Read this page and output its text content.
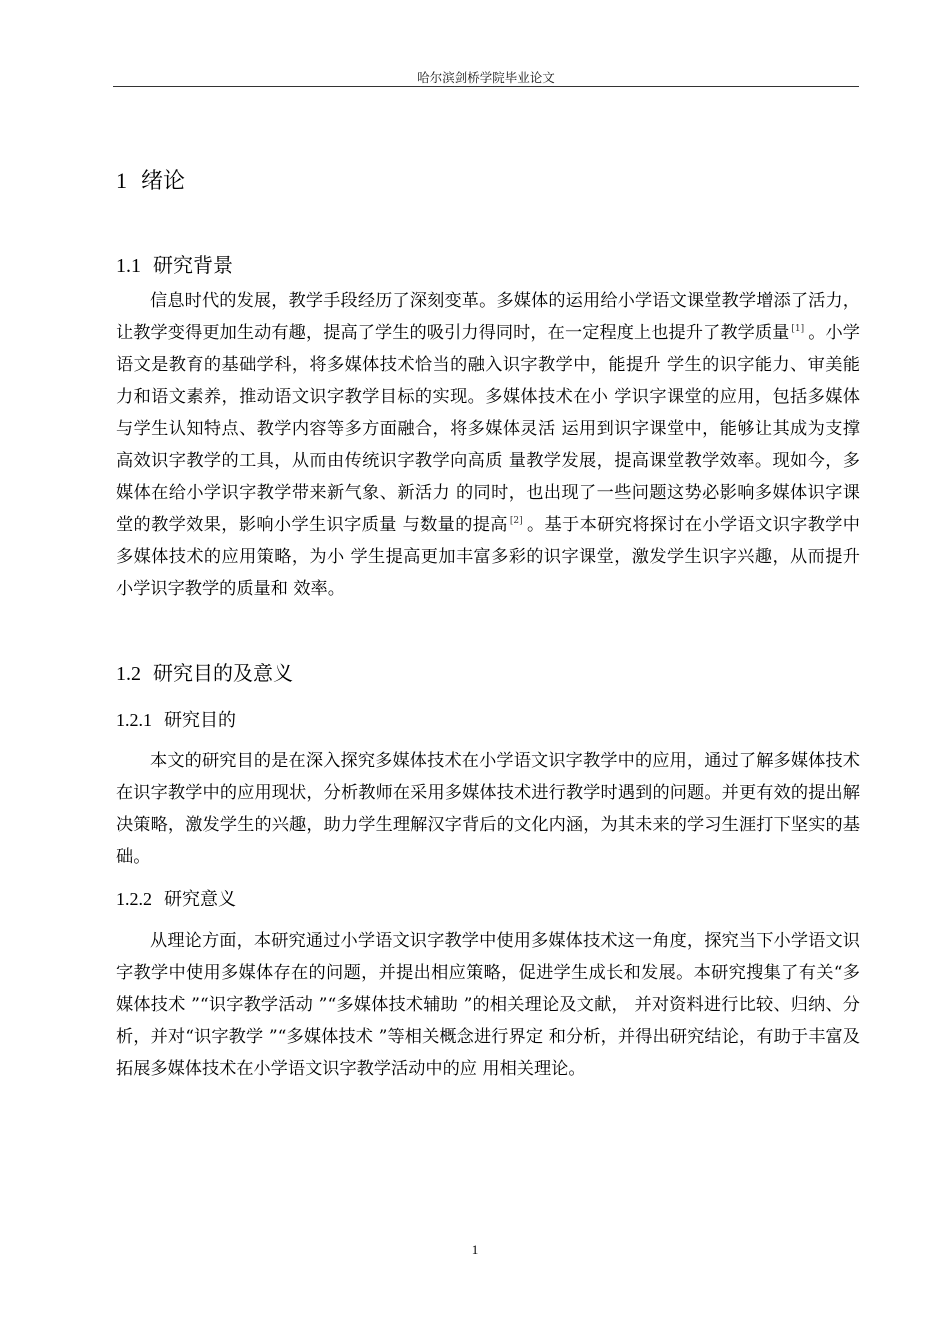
哈尔滨剑桥学院毕业论文
1 绪论
1.1 研究背景

信息时代的发展，教学手段经历了深刻变革。多媒体的运用给小学语文课堂教学增添了活力，让教学变得更加生动有趣，提高了学生的吸引力得同时，在一定程度上也提升了教学质量 [1] 。小学语文是教育的基础学科，将多媒体技术恰当的融入识字教学中，能提升 学生的识字能力、审美能力和语文素养，推动语文识字教学目标的实现。多媒体技术在小 学识字课堂的应用，包括多媒体与学生认知特点、教学内容等多方面融合，将多媒体灵活 运用到识字课堂中，能够让其成为支撑高效识字教学的工具，从而由传统识字教学向高质 量教学发展，提高课堂教学效率。现如今，多媒体在给小学识字教学带来新气象、新活力 的同时，也出现了一些问题这势必影响多媒体识字课堂的教学效果，影响小学生识字质量 与数量的提高 [2] 。基于本研究将探讨在小学语文识字教学中多媒体技术的应用策略，为小 学生提高更加丰富多彩的识字课堂，激发学生识字兴趣，从而提升小学识字教学的质量和 效率。

1.2 研究目的及意义
1.2.1 研究目的

本文的研究目的是在深入探究多媒体技术在小学语文识字教学中的应用，通过了解多媒体技术在识字教学中的应用现状，分析教师在采用多媒体技术进行教学时遇到的问题。并更有效的提出解决策略，激发学生的兴趣，助力学生理解汉字背后的文化内涵，为其未来的学习生涯打下坚实的基础。

1.2.2 研究意义

从理论方面，本研究通过小学语文识字教学中使用多媒体技术这一角度，探究当下小学语文识字教学中使用多媒体存在的问题，并提出相应策略，促进学生成长和发展。本研究搜集了有关“多媒体技术 ”“识字教学活动 ”“多媒体技术辅助 ”的相关理论及文献， 并对资料进行比较、归纳、分析，并对“识字教学 ”“多媒体技术 ”等相关概念进行界定 和分析，并得出研究结论，有助于丰富及拓展多媒体技术在小学语文识字教学活动中的应 用相关理论。

1
